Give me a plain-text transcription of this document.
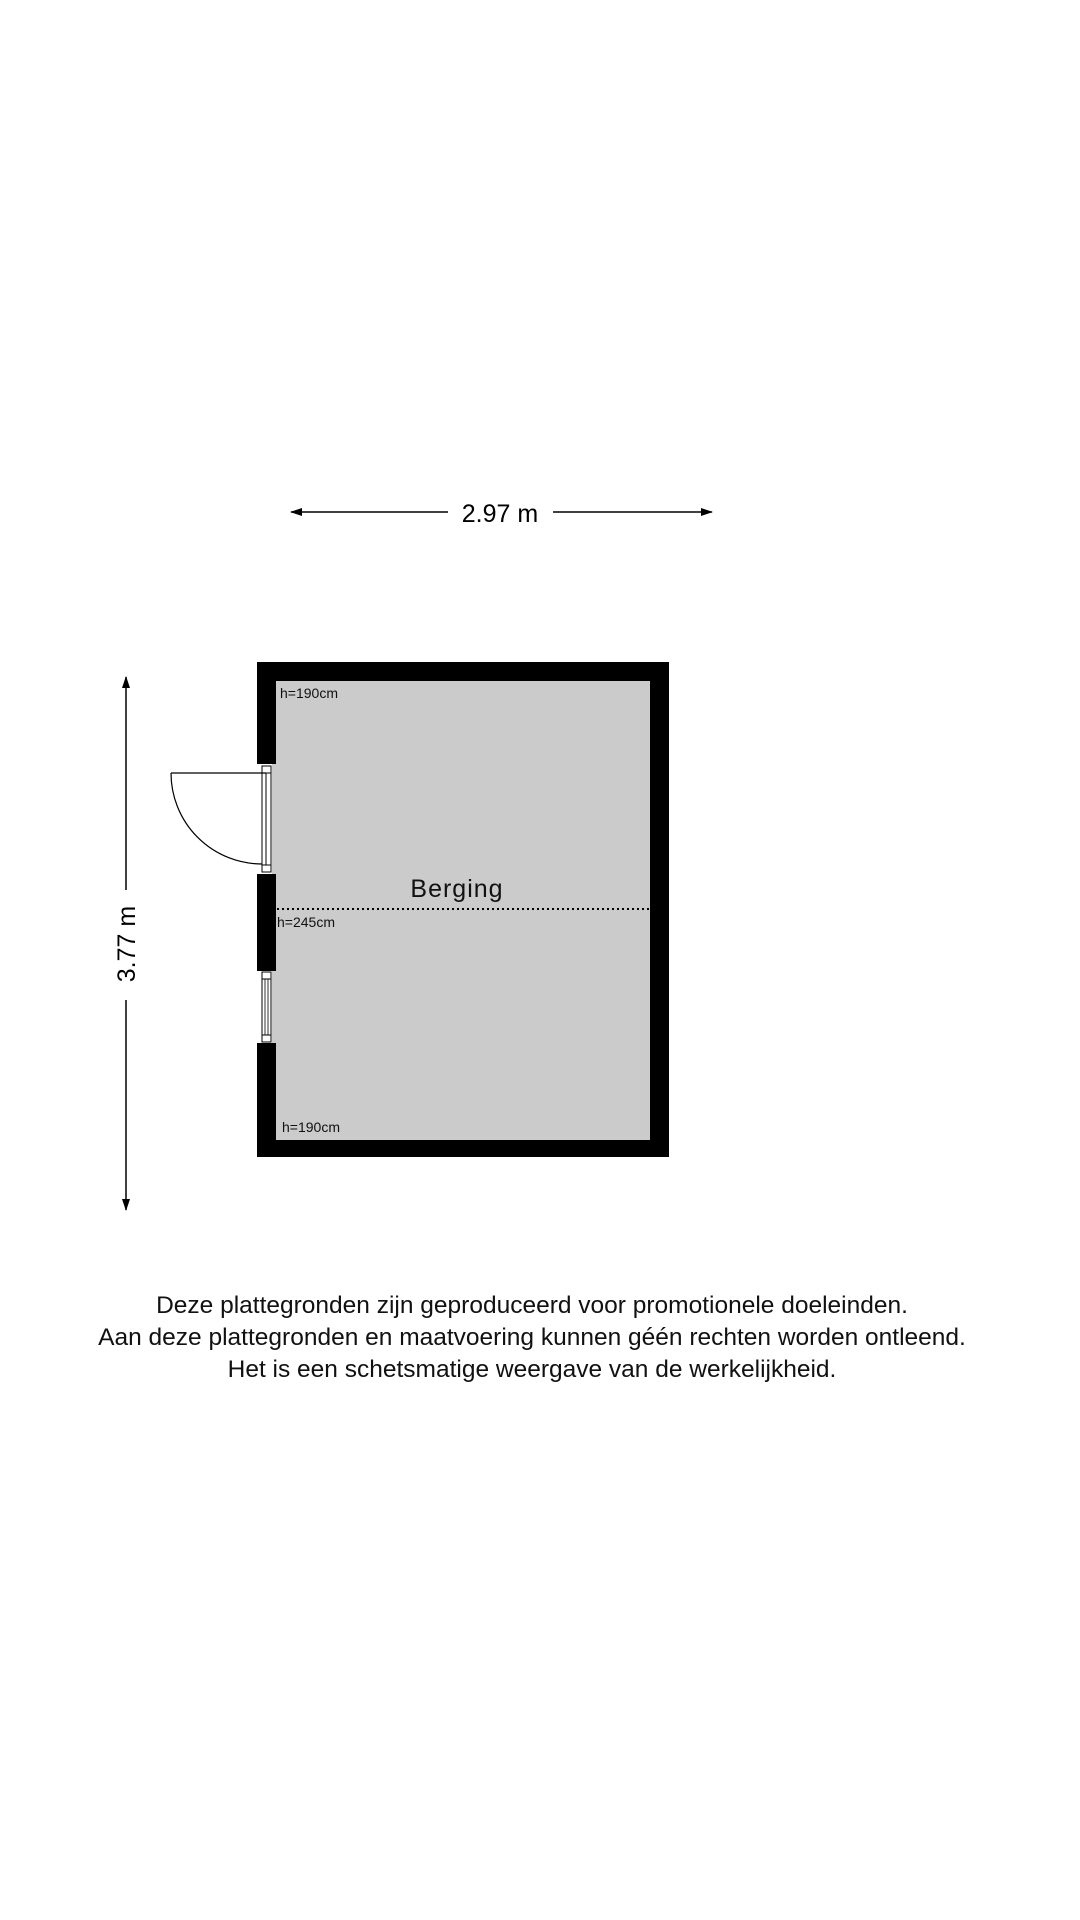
2.97 m
3.77 m
Berging
h=190cm
h=245cm
h=190cm
Deze plattegronden zijn geproduceerd voor promotionele doeleinden.
Aan deze plattegronden en maatvoering kunnen géén rechten worden ontleend.
Het is een schetsmatige weergave van de werkelijkheid.
